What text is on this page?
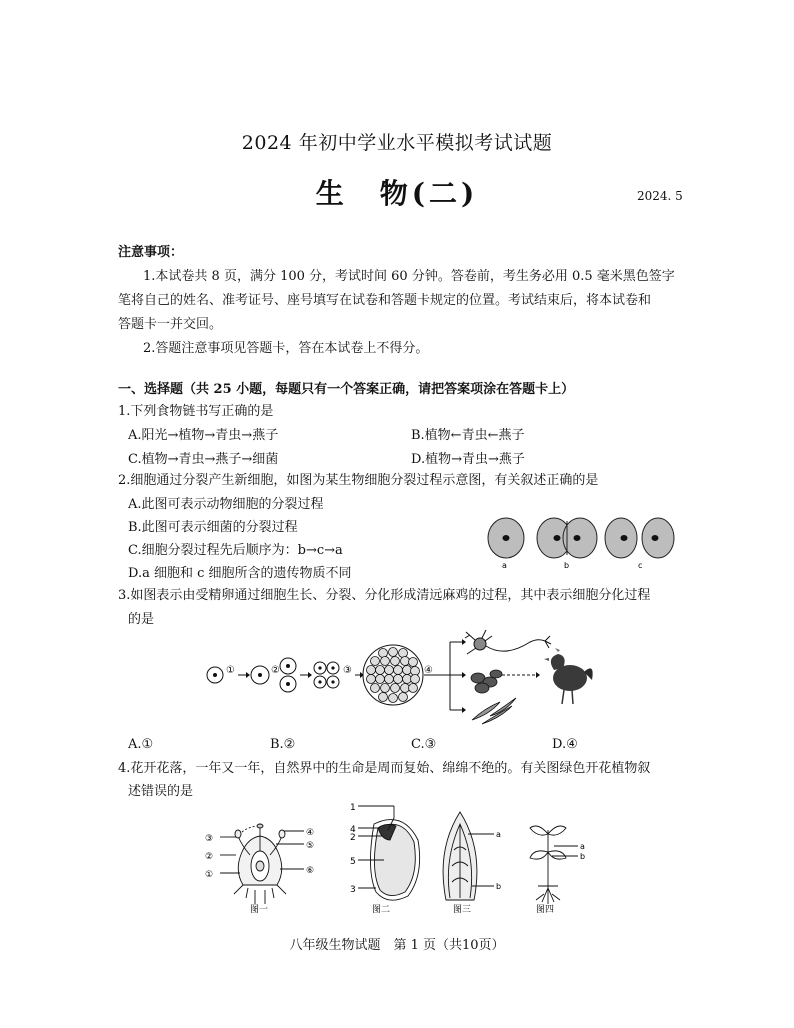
2024 年初中学业水平模拟考试试题
生　物(二)	2024. 5
注意事项：
1.本试卷共 8 页，满分 100 分，考试时间 60 分钟。答卷前，考生务必用 0.5 毫米黑色签字
笔将自己的姓名、准考证号、座号填写在试卷和答题卡规定的位置。考试结束后，将本试卷和
答题卡一并交回。
2.答题注意事项见答题卡，答在本试卷上不得分。
一、选择题（共 25 小题，每题只有一个答案正确，请把答案项涂在答题卡上）
1.下列食物链书写正确的是
A.阳光→植物→青虫→燕子	B.植物←青虫←燕子
C.植物→青虫→燕子→细菌	D.植物→青虫→燕子
2.细胞通过分裂产生新细胞，如图为某生物细胞分裂过程示意图，有关叙述正确的是
A.此图可表示动物细胞的分裂过程
B.此图可表示细菌的分裂过程
C.细胞分裂过程先后顺序为：b→c→a
D.a 细胞和 c 细胞所含的遗传物质不同
a	b	c
3.如图表示由受精卵通过细胞生长、分裂、分化形成清远麻鸡的过程，其中表示细胞分化过程
的是
①	②	③	④
A.①	B.②	C.③	D.④
4.花开花落，一年又一年，自然界中的生命是周而复始、绵绵不绝的。有关图绿色开花植物叙
述错误的是
③
②
①
④
⑤
⑥
图一
1
4
2
5
3
图二
a
b
图三
a
b
图四
八年级生物试题　第 1 页（共10页）
